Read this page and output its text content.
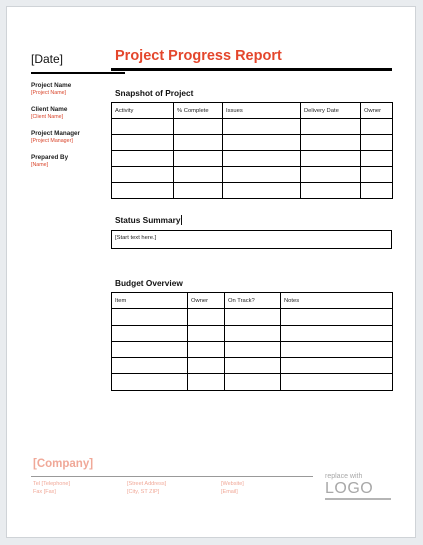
[Date]
Project Name
[Project Name]
Client Name
[Client Name]
Project Manager
[Project Manager]
Prepared By
[Name]
Project Progress Report
Snapshot of Project
Activity	% Complete	Issues	Delivery Date	Owner

Status Summary
[Start text here.]
Budget Overview
Item	Owner	On Track?	Notes

[Company]
Tel [Telephone]
Fax [Fax]
[Street Address]
[City, ST ZIP]
[Website]
[Email]
replace with
LOGO
